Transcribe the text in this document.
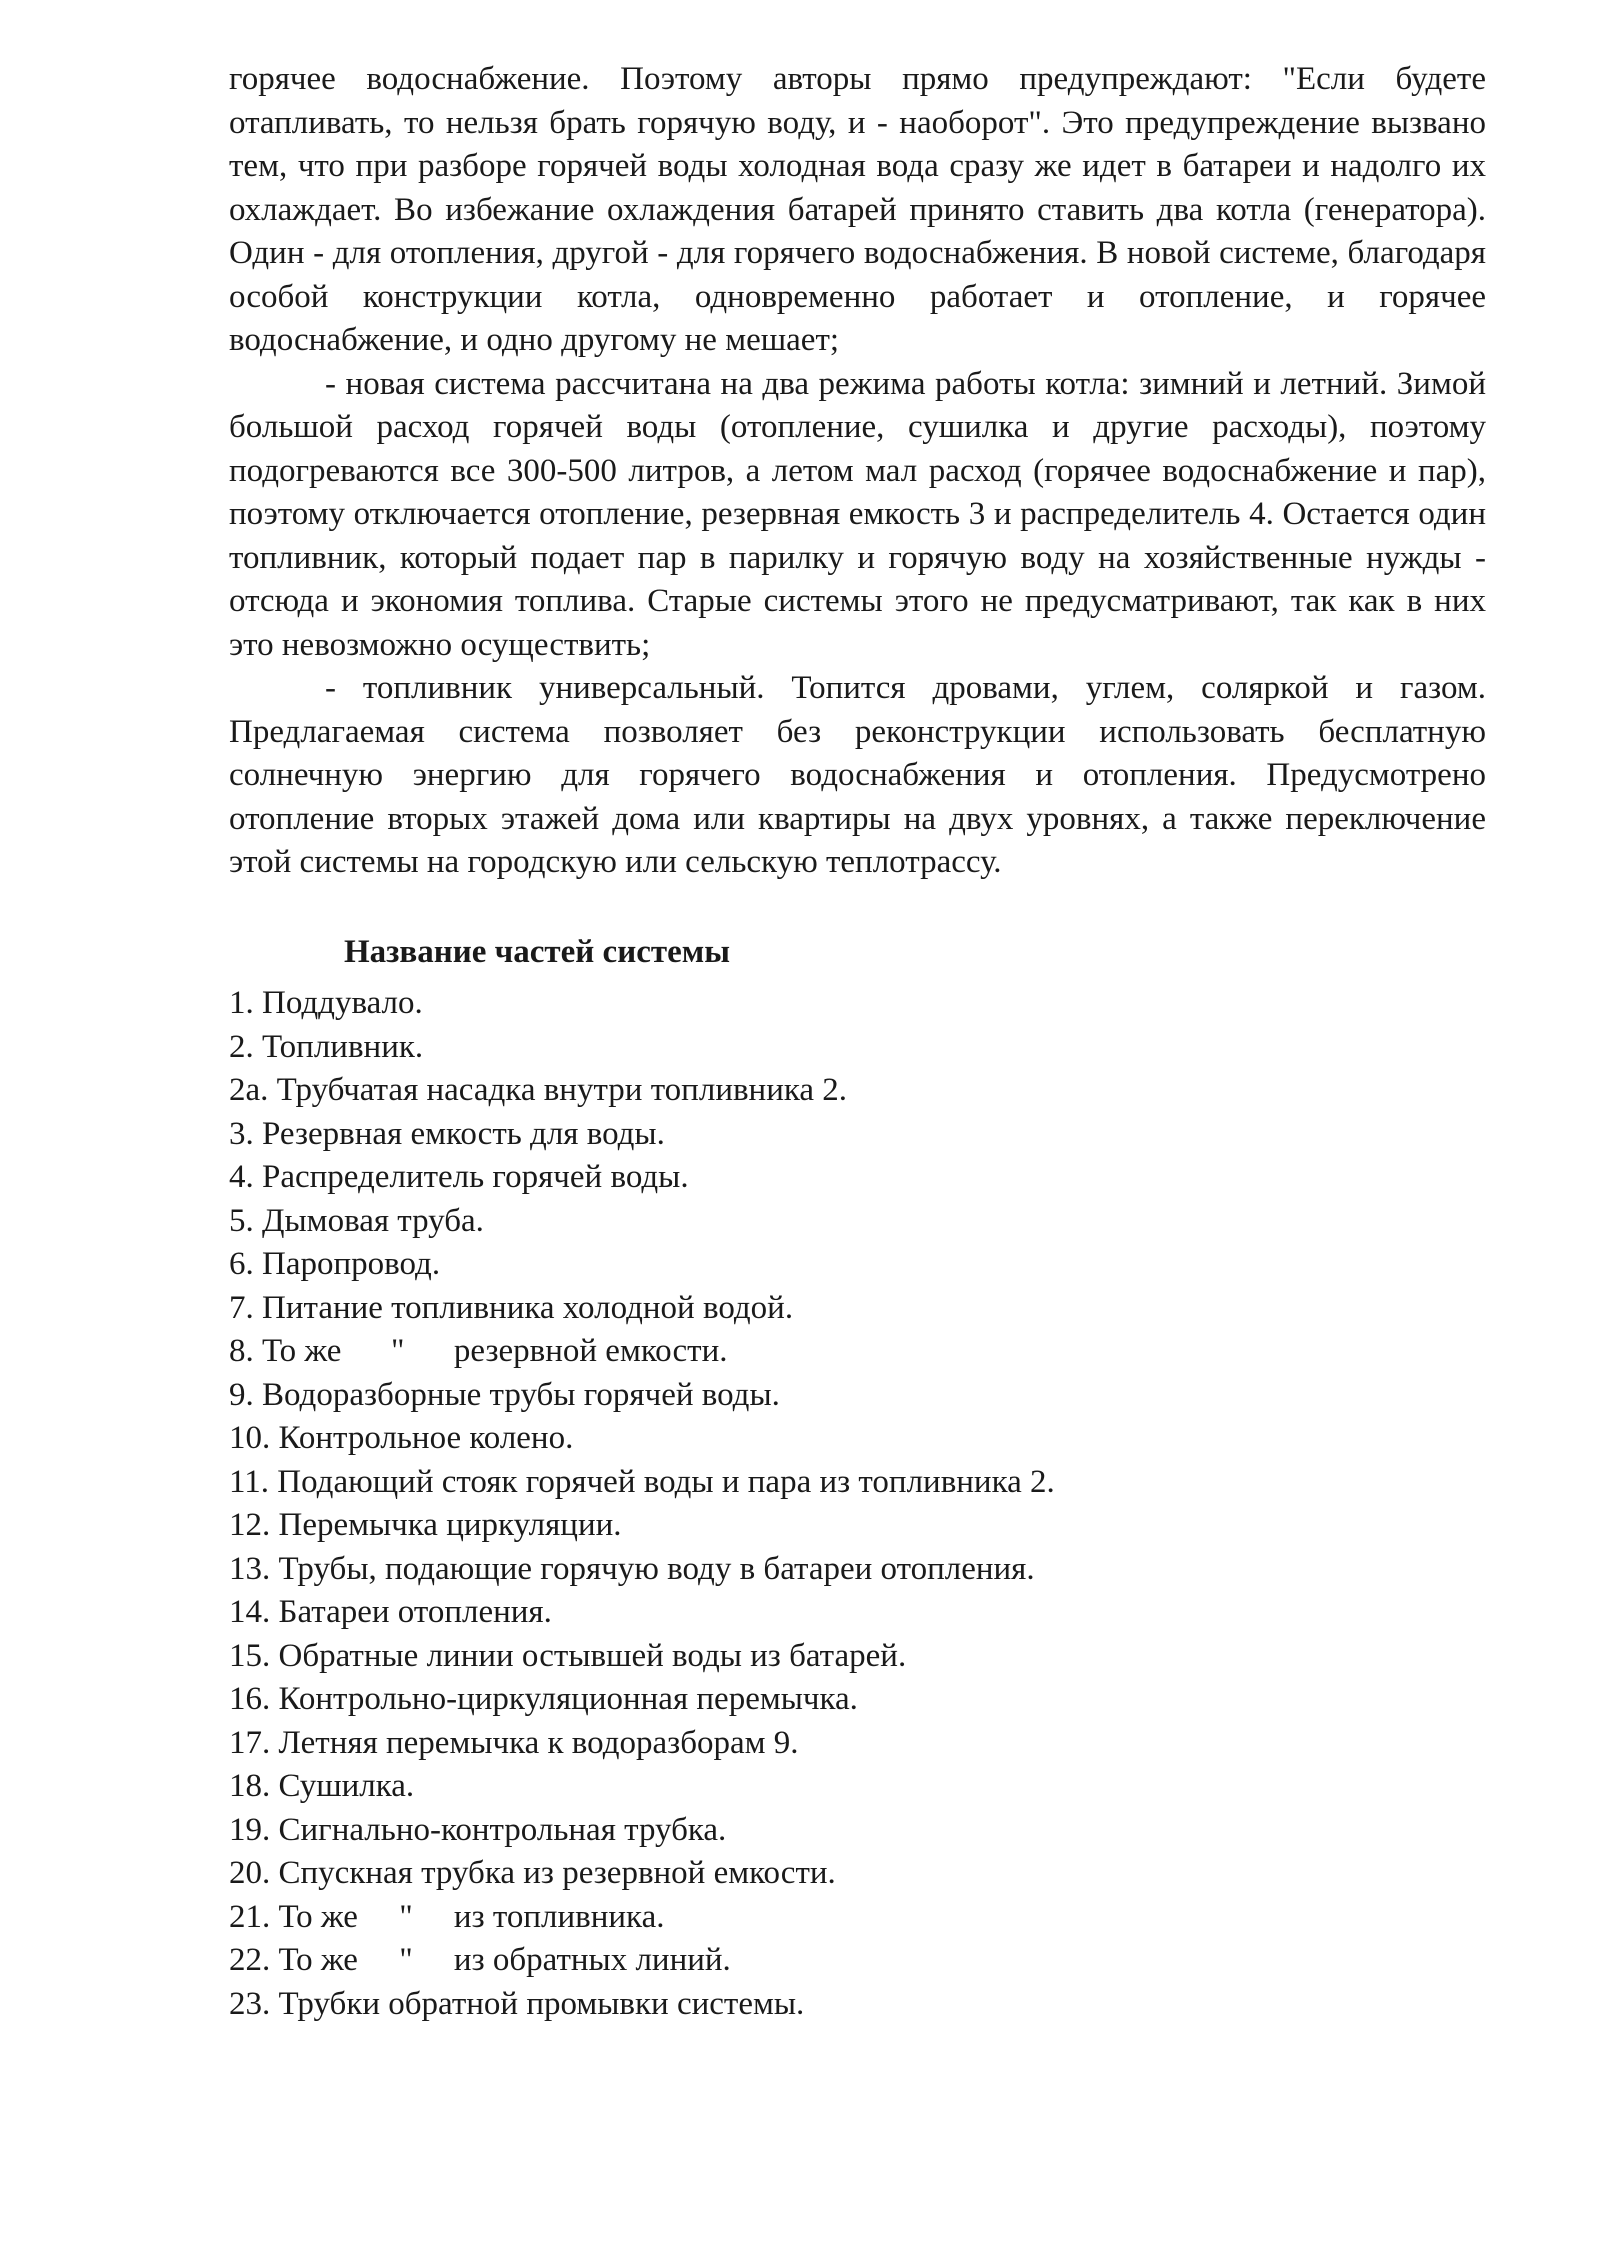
горячее водоснабжение. Поэтому авторы прямо предупреждают: "Если будете отапливать, то нельзя брать горячую воду, и - наоборот". Это предупреждение вызвано тем, что при разборе горячей воды холодная вода сразу же идет в батареи и надолго их охлаждает. Во избежание охлаждения батарей принято ставить два котла (генератора). Один - для отопления, другой - для горячего водоснабжения. В новой системе, благодаря особой конструкции котла, одновременно работает и отопление, и горячее водоснабжение, и одно другому не мешает;

- новая система рассчитана на два режима работы котла: зимний и летний. Зимой большой расход горячей воды (отопление, сушилка и другие расходы), поэтому подогреваются все 300-500 литров, а летом мал расход (горячее водоснабжение и пар), поэтому отключается отопление, резервная емкость 3 и распределитель 4. Остается один топливник, который подает пар в парилку и горячую воду на хозяйственные нужды - отсюда и экономия топлива. Старые системы этого не предусматривают, так как в них это невозможно осуществить;

- топливник универсальный. Топится дровами, углем, соляркой и газом. Предлагаемая система позволяет без реконструкции использовать бесплатную солнечную энергию для горячего водоснабжения и отопления. Предусмотрено отопление вторых этажей дома или квартиры на двух уровнях, а также переключение этой системы на городскую или сельскую теплотрассу.

Название частей системы
1. Поддувало.
2. Топливник.
2а. Трубчатая насадка внутри топливника 2.
3. Резервная емкость для воды.
4. Распределитель горячей воды.
5. Дымовая труба.
6. Паропровод.
7. Питание топливника холодной водой.
8. То же      "      резервной емкости.
9. Водоразборные трубы горячей воды.
10. Контрольное колено.
11. Подающий стояк горячей воды и пара из топливника 2.
12. Перемычка циркуляции.
13. Трубы, подающие горячую воду в батареи отопления.
14. Батареи отопления.
15. Обратные линии остывшей воды из батарей.
16. Контрольно-циркуляционная перемычка.
17. Летняя перемычка к водоразборам 9.
18. Сушилка.
19. Сигнально-контрольная трубка.
20. Спускная трубка из резервной емкости.
21. То же     "     из топливника.
22. То же     "     из обратных линий.
23. Трубки обратной промывки системы.
